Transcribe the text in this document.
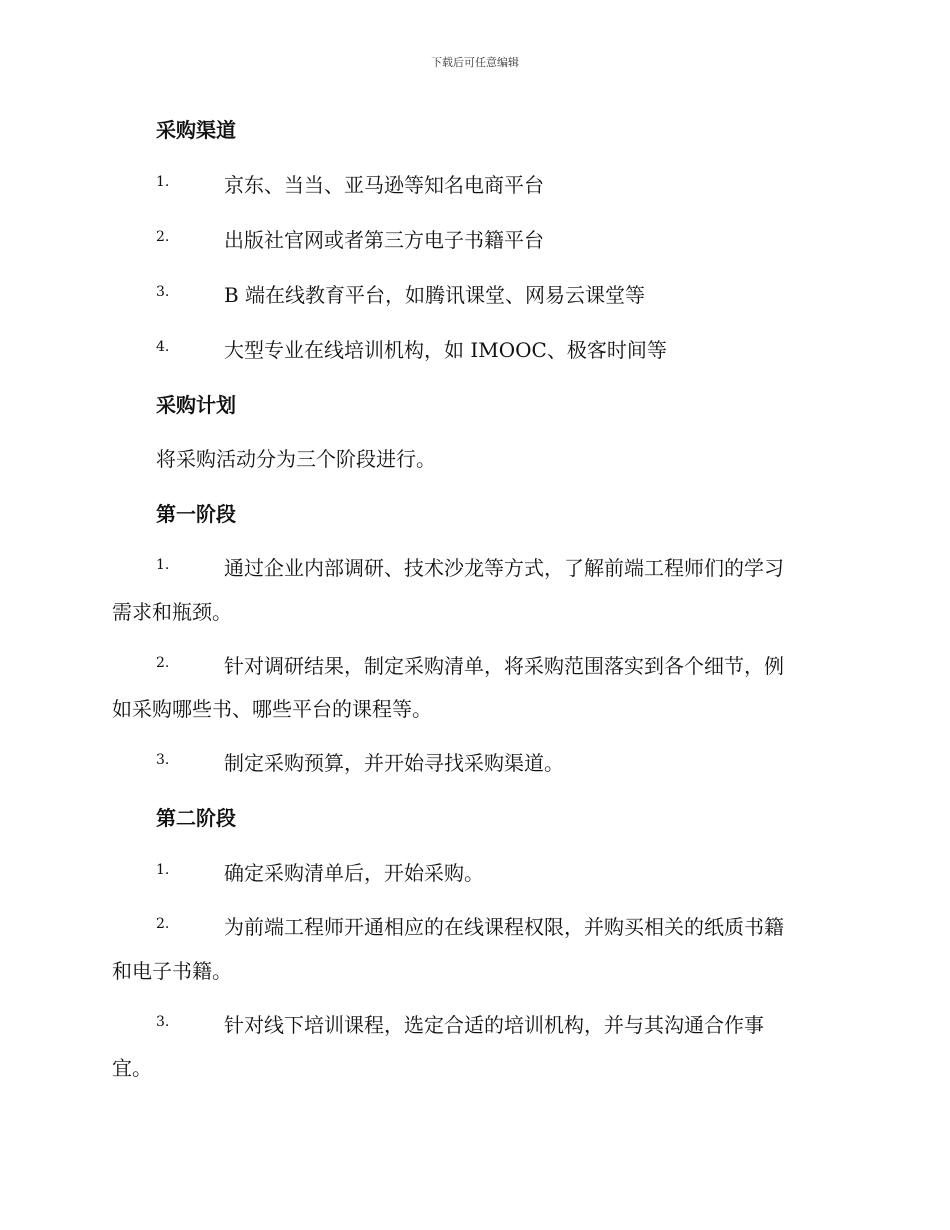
下载后可任意编辑
采购渠道
1.	京东、当当、亚马逊等知名电商平台
2.	出版社官网或者第三方电子书籍平台
3.	B 端在线教育平台，如腾讯课堂、网易云课堂等
4.	大型专业在线培训机构，如 IMOOC、极客时间等
采购计划
将采购活动分为三个阶段进行。
第一阶段
1.	通过企业内部调研、技术沙龙等方式，了解前端工程师们的学习
需求和瓶颈。
2.	针对调研结果，制定采购清单，将采购范围落实到各个细节，例
如采购哪些书、哪些平台的课程等。
3.	制定采购预算，并开始寻找采购渠道。
第二阶段
1.	确定采购清单后，开始采购。
2.	为前端工程师开通相应的在线课程权限，并购买相关的纸质书籍
和电子书籍。
3.	针对线下培训课程，选定合适的培训机构，并与其沟通合作事
宜。
